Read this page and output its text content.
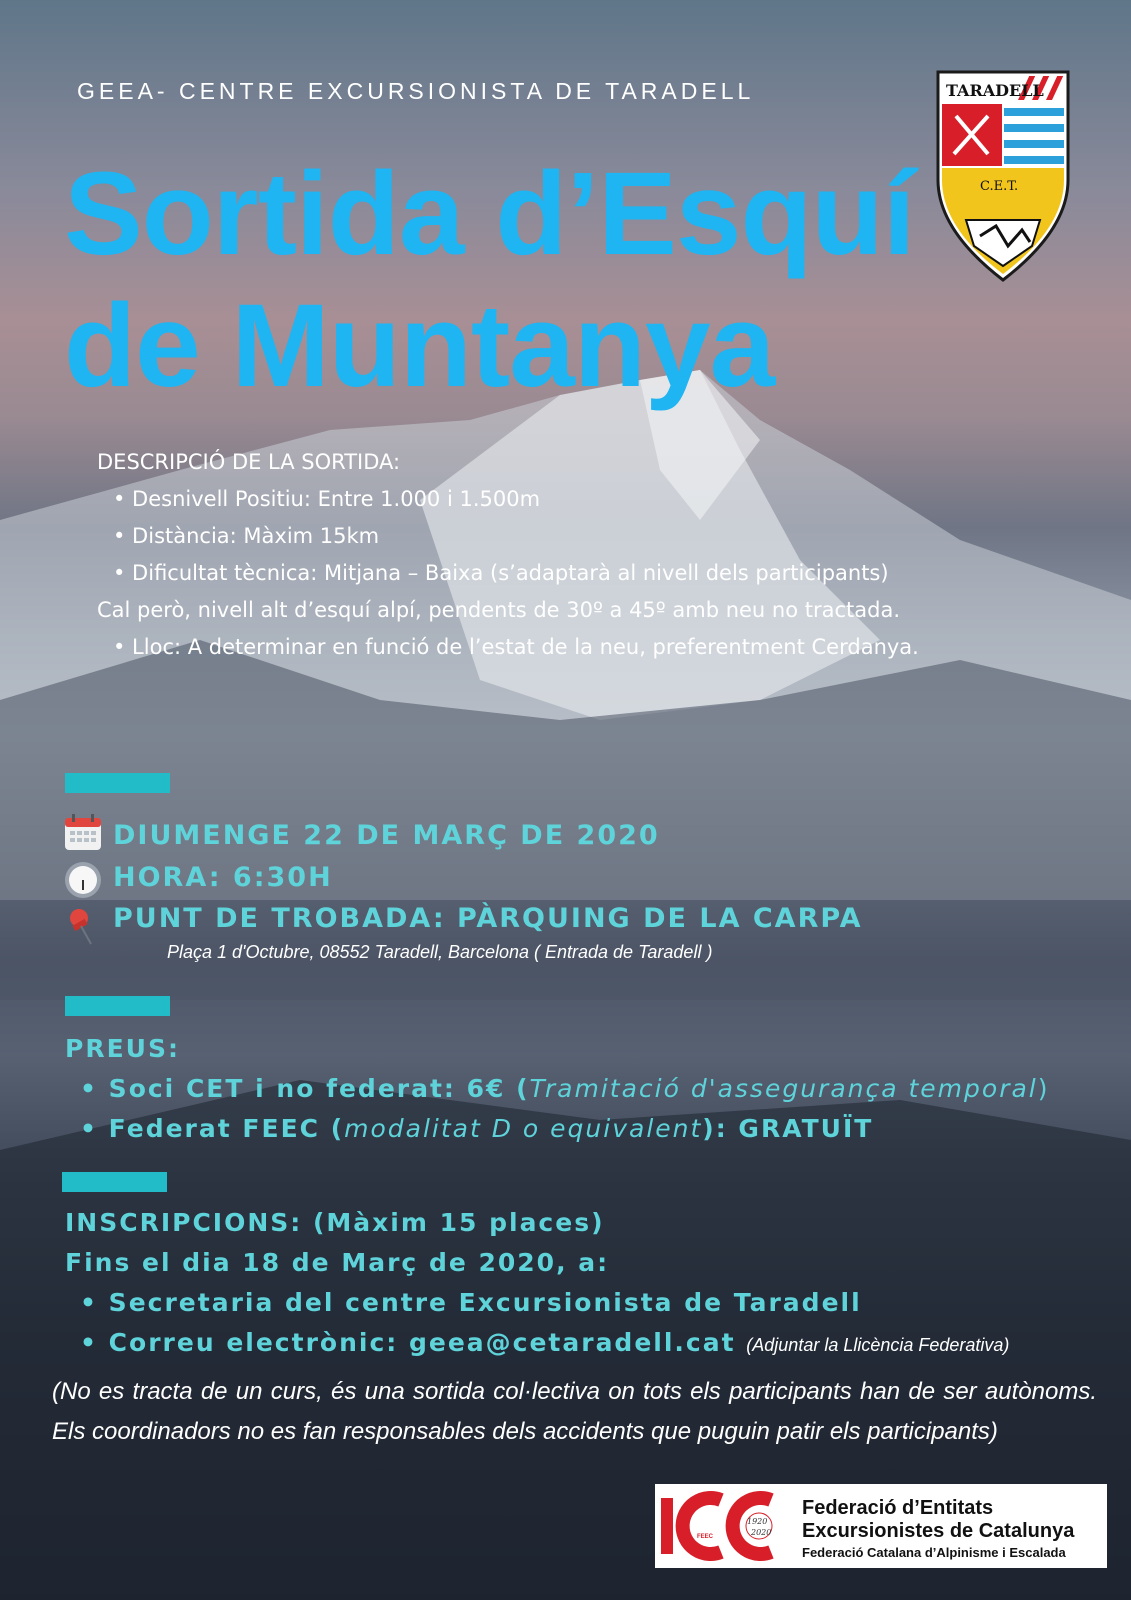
GEEA- CENTRE EXCURSIONISTA DE TARADELL
Sortida d’Esquí
de Muntanya
TARADELL
C.E.T.
DESCRIPCIÓ DE LA SORTIDA:
• Desnivell Positiu: Entre 1.000 i 1.500m
• Distància: Màxim 15km
• Dificultat tècnica: Mitjana – Baixa (s’adaptarà al nivell dels participants)
Cal però, nivell alt d’esquí alpí, pendents de 30º a 45º amb neu no tractada.
• Lloc: A determinar en funció de l’estat de la neu, preferentment Cerdanya.
DIUMENGE 22 DE MARÇ DE 2020
HORA: 6:30H
PUNT DE TROBADA: PÀRQUING DE LA CARPA
Plaça 1 d'Octubre, 08552 Taradell, Barcelona ( Entrada de Taradell )
PREUS:
• Soci CET i no federat: 6€ (Tramitació d'assegurança temporal)
• Federat FEEC (modalitat D o equivalent): GRATUÏT
INSCRIPCIONS: (Màxim 15 places)
Fins el dia 18 de Març de 2020, a:
• Secretaria del centre Excursionista de Taradell
• Correu electrònic: geea@cetaradell.cat (Adjuntar la Llicència Federativa)
(No es tracta de un curs, és una sortida col·lectiva on tots els participants han de ser autònoms. Els coordinadors no es fan responsables dels accidents que puguin patir els participants)
1920
2020
FEEC
Federació d’Entitats
Excursionistes de Catalunya
Federació Catalana d’Alpinisme i Escalada
